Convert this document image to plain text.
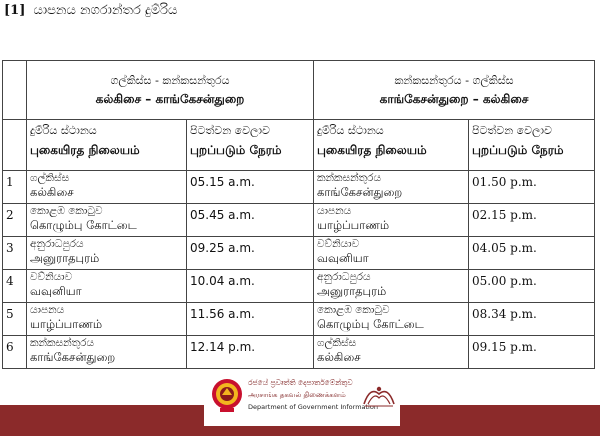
[1] යාපනය නගරාන්තර දුම්රිය

	ගල්කිස්ස - කන්කසන්තුරය
கல்கிசை – காங்கேசன்துறை		කන්කසන්තුරය - ගල්කිස්ස
காங்கேசன்துறை – கல்கிசை	

	දුම්රිය ස්ථානය
புகையிரத நிலையம்	පිටත්වන වෙලාව
புறப்படும் நேரம்	දුම්රිය ස්ථානය
புகையிரத நிலையம்	පිටත්වන වෙලාව
புறப்படும் நேரம்

1	ගල්කිස්ස
கல்கிசை	05.15 a.m.	කන්කසන්තුරය
காங்கேசன்துறை	01.50 p.m.
2	කොළඹ කොටුව
கொழும்பு கோட்டை	05.45 a.m.	යාපනය
யாழ்ப்பாணம்	02.15 p.m.
3	අනුරාධපුරය
அனுராதபுரம்	09.25 a.m.	වව්නියාව
வவுனியா	04.05 p.m.
4	වව්නියාව
வவுனியா	10.04 a.m.	අනුරාධපුරය
அனுராதபுரம்	05.00 p.m.
5	යාපනය
யாழ்ப்பாணம்	11.56 a.m.	කොළඹ කොටුව
கொழும்பு கோட்டை	08.34 p.m.
6	කන්කසන්තුරය
காங்கேசன்துறை	12.14 p.m.	ගල්කිස්ස
கல்கிசை	09.15 p.m.
රජයේ ප්‍රවෘත්ති දෙපාර්තමේන්තුව
அரசாங்க தகவல் திணைக்களம்
Department of Government Information
